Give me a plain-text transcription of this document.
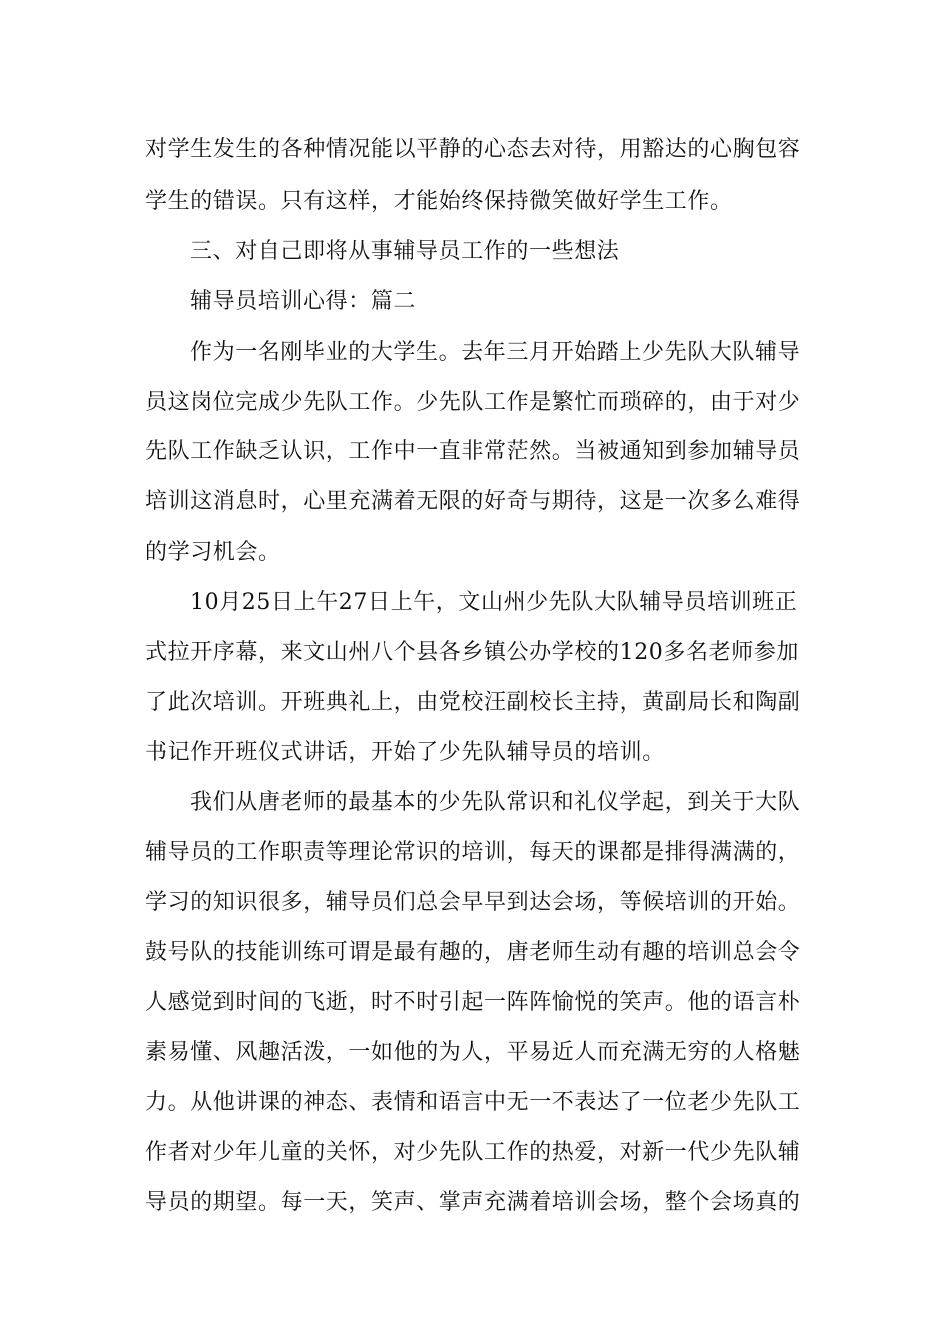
对学生发生的各种情况能以平静的心态去对待，用豁达的心胸包容
学生的错误。只有这样，才能始终保持微笑做好学生工作。
三、对自己即将从事辅导员工作的一些想法
辅导员培训心得：篇二
作为一名刚毕业的大学生。去年三月开始踏上少先队大队辅导
员这岗位完成少先队工作。少先队工作是繁忙而琐碎的，由于对少
先队工作缺乏认识，工作中一直非常茫然。当被通知到参加辅导员
培训这消息时，心里充满着无限的好奇与期待，这是一次多么难得
的学习机会。
10月25日上午27日上午，文山州少先队大队辅导员培训班正
式拉开序幕，来文山州八个县各乡镇公办学校的120多名老师参加
了此次培训。开班典礼上，由党校汪副校长主持，黄副局长和陶副
书记作开班仪式讲话，开始了少先队辅导员的培训。
我们从唐老师的最基本的少先队常识和礼仪学起，到关于大队
辅导员的工作职责等理论常识的培训，每天的课都是排得满满的，
学习的知识很多，辅导员们总会早早到达会场，等候培训的开始。
鼓号队的技能训练可谓是最有趣的，唐老师生动有趣的培训总会令
人感觉到时间的飞逝，时不时引起一阵阵愉悦的笑声。他的语言朴
素易懂、风趣活泼，一如他的为人，平易近人而充满无穷的人格魅
力。从他讲课的神态、表情和语言中无一不表达了一位老少先队工
作者对少年儿童的关怀，对少先队工作的热爱，对新一代少先队辅
导员的期望。每一天，笑声、掌声充满着培训会场，整个会场真的
